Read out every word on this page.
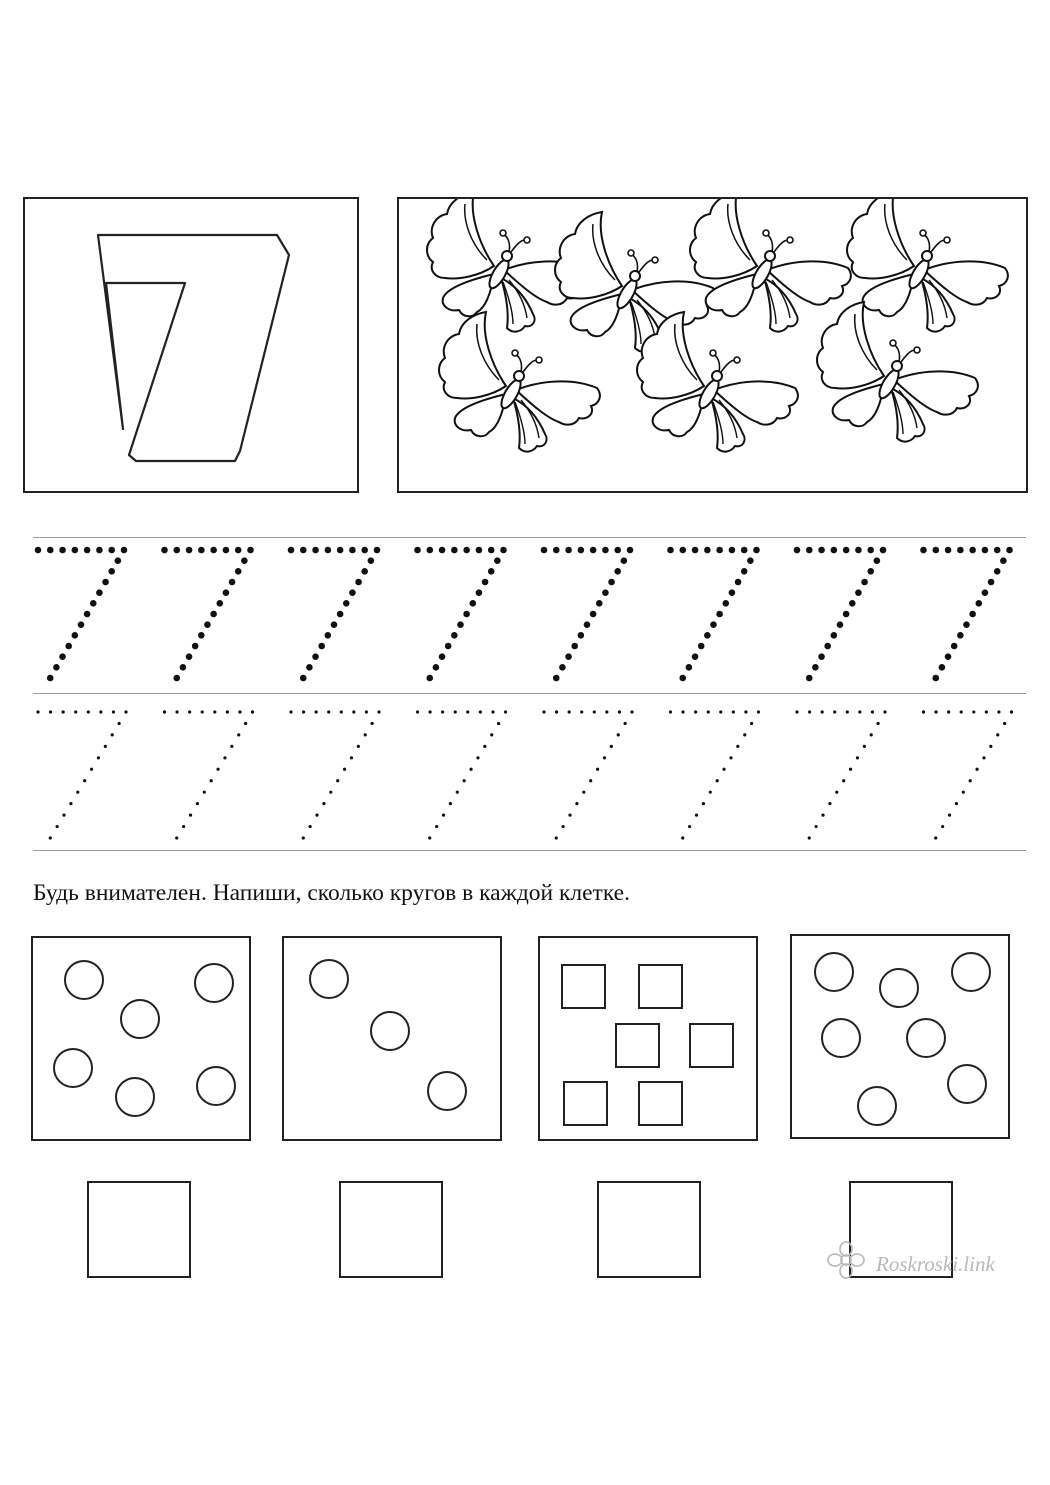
Будь внимателен. Напиши, сколько кругов в каждой клетке.
Roskroski.link
